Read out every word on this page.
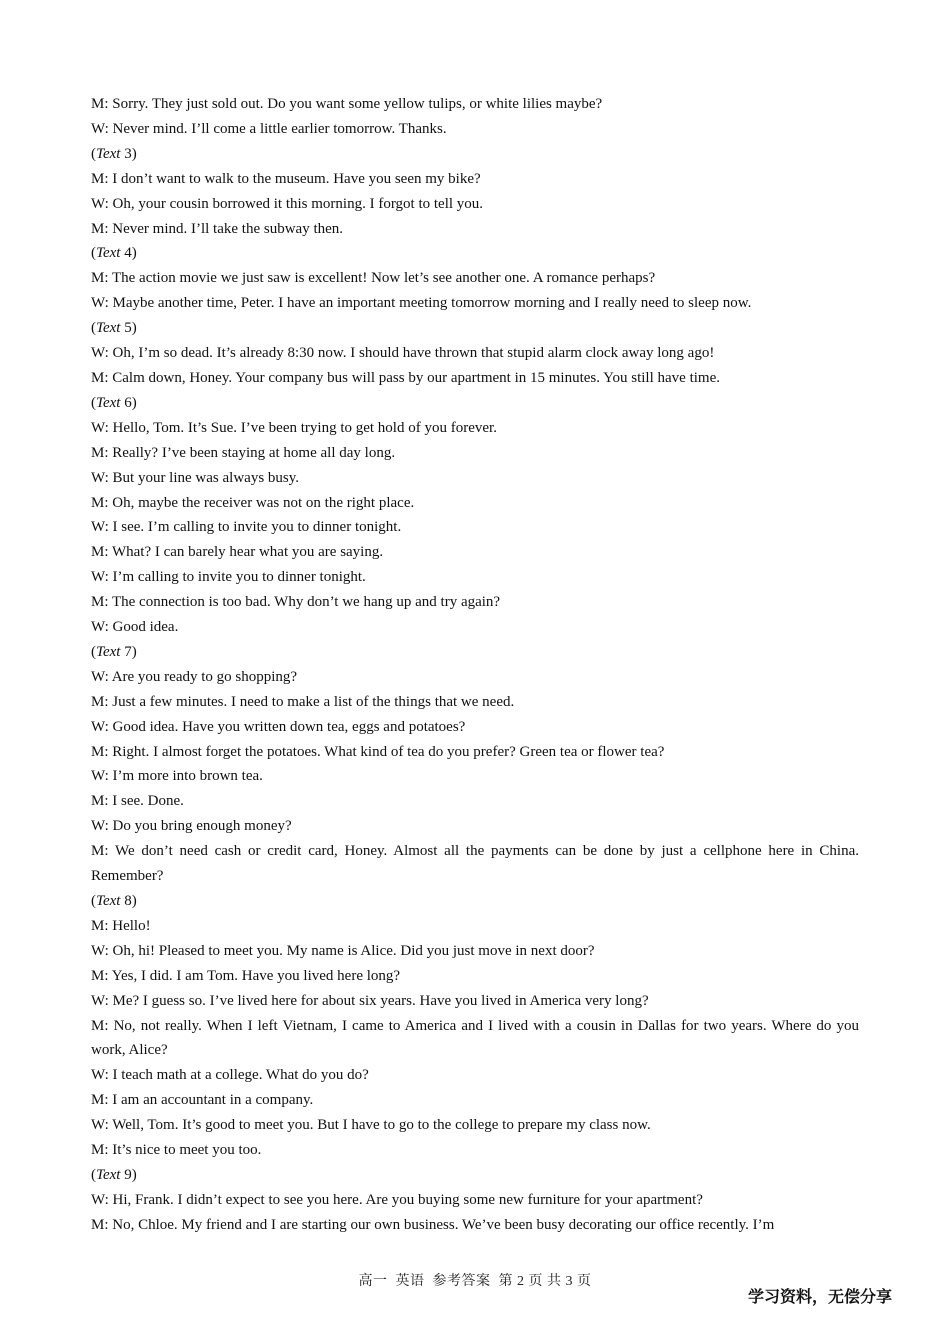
M: Sorry. They just sold out. Do you want some yellow tulips, or white lilies maybe?
W: Never mind. I’ll come a little earlier tomorrow. Thanks.
(Text 3)
M: I don’t want to walk to the museum. Have you seen my bike?
W: Oh, your cousin borrowed it this morning. I forgot to tell you.
M: Never mind. I’ll take the subway then.
(Text 4)
M: The action movie we just saw is excellent! Now let’s see another one. A romance perhaps?
W: Maybe another time, Peter. I have an important meeting tomorrow morning and I really need to sleep now.
(Text 5)
W: Oh, I’m so dead. It’s already 8:30 now. I should have thrown that stupid alarm clock away long ago!
M: Calm down, Honey. Your company bus will pass by our apartment in 15 minutes. You still have time.
(Text 6)
W: Hello, Tom. It’s Sue. I’ve been trying to get hold of you forever.
M: Really? I’ve been staying at home all day long.
W: But your line was always busy.
M: Oh, maybe the receiver was not on the right place.
W: I see. I’m calling to invite you to dinner tonight.
M: What? I can barely hear what you are saying.
W: I’m calling to invite you to dinner tonight.
M: The connection is too bad. Why don’t we hang up and try again?
W: Good idea.
(Text 7)
W: Are you ready to go shopping?
M: Just a few minutes. I need to make a list of the things that we need.
W: Good idea. Have you written down tea, eggs and potatoes?
M: Right. I almost forget the potatoes. What kind of tea do you prefer? Green tea or flower tea?
W: I’m more into brown tea.
M: I see. Done.
W: Do you bring enough money?
M: We don’t need cash or credit card, Honey. Almost all the payments can be done by just a cellphone here in China. Remember?
(Text 8)
M: Hello!
W: Oh, hi! Pleased to meet you. My name is Alice. Did you just move in next door?
M: Yes, I did. I am Tom. Have you lived here long?
W: Me? I guess so. I’ve lived here for about six years. Have you lived in America very long?
M: No, not really. When I left Vietnam, I came to America and I lived with a cousin in Dallas for two years. Where do you work, Alice?
W: I teach math at a college. What do you do?
M: I am an accountant in a company.
W: Well, Tom. It’s good to meet you. But I have to go to the college to prepare my class now.
M: It’s nice to meet you too.
(Text 9)
W: Hi, Frank. I didn’t expect to see you here. Are you buying some new furniture for your apartment?
M: No, Chloe. My friend and I are starting our own business. We’ve been busy decorating our office recently. I’m
高一 英语 参考答案 第 2 页 共 3 页
学习资料，无偿分享
